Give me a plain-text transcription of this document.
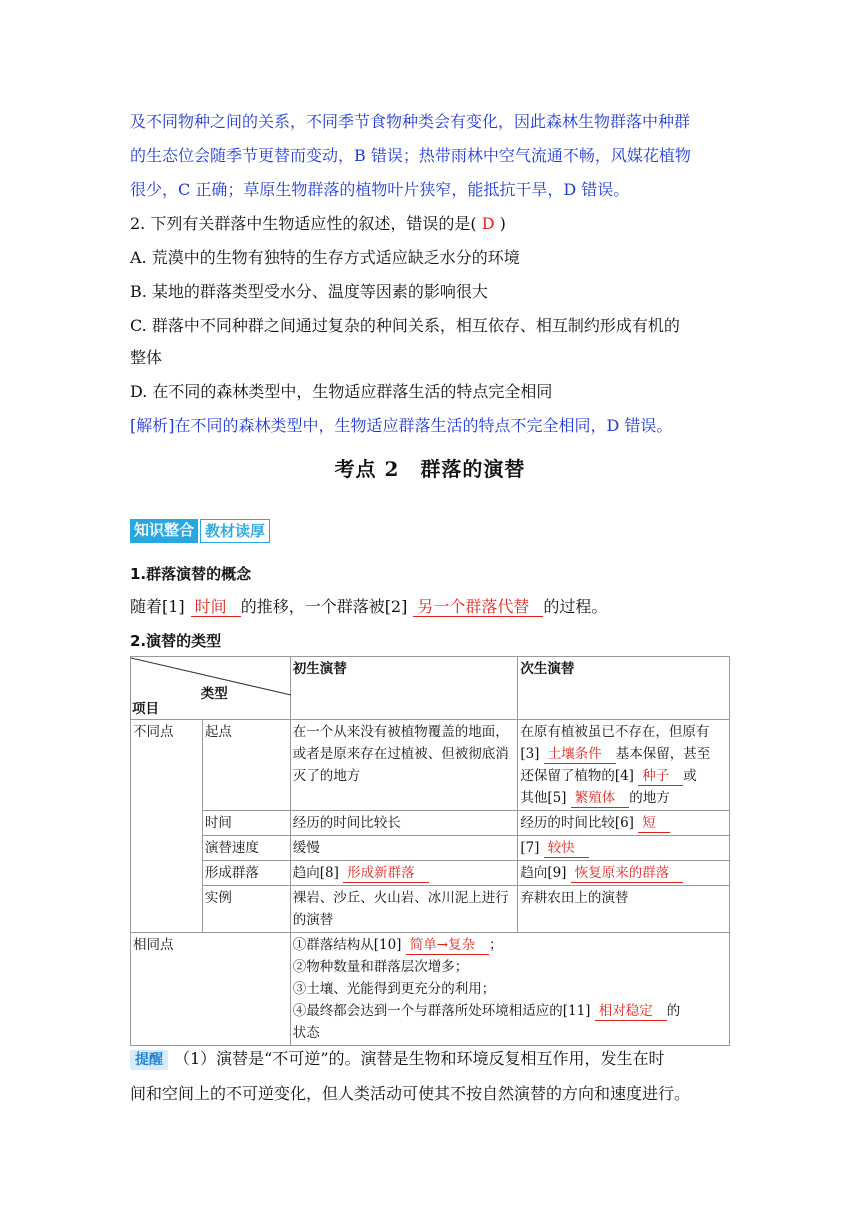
及不同物种之间的关系，不同季节食物种类会有变化，因此森林生物群落中种群
的生态位会随季节更替而变动，B 错误；热带雨林中空气流通不畅，风媒花植物
很少，C 正确；草原生物群落的植物叶片狭窄，能抵抗干旱，D 错误。
2. 下列有关群落中生物适应性的叙述，错误的是( D )
A. 荒漠中的生物有独特的生存方式适应缺乏水分的环境
B. 某地的群落类型受水分、温度等因素的影响很大
C. 群落中不同种群之间通过复杂的种间关系，相互依存、相互制约形成有机的
整体
D. 在不同的森林类型中，生物适应群落生活的特点完全相同
[解析]在不同的森林类型中，生物适应群落生活的特点不完全相同，D 错误。
考点 2　群落的演替
知识整合 教材读厚
1.群落演替的概念
随着[1] 时间 的推移，一个群落被[2] 另一个群落代替 的过程。
2.演替的类型
类型
项目		初生演替	次生演替
不同点	起点	在一个从来没有被植物覆盖的地面，或者是原来存在过植被、但被彻底消灭了的地方	在原有植被虽已不存在，但原有
[3] 土壤条件 基本保留，甚至
还保留了植物的[4] 种子 或
其他[5] 繁殖体 的地方
	时间	经历的时间比较长	经历的时间比较[6] 短
	演替速度	缓慢	[7] 较快
	形成群落	趋向[8] 形成新群落	趋向[9] 恢复原来的群落
	实例	裸岩、沙丘、火山岩、冰川泥上进行的演替	弃耕农田上的演替
相同点		①群落结构从[10] 简单→复杂 ；
②物种数量和群落层次增多；
③土壤、光能得到更充分的利用；
④最终都会达到一个与群落所处环境相适应的[11] 相对稳定 的
状态	
提醒 （1）演替是“不可逆”的。演替是生物和环境反复相互作用，发生在时
间和空间上的不可逆变化，但人类活动可使其不按自然演替的方向和速度进行。
